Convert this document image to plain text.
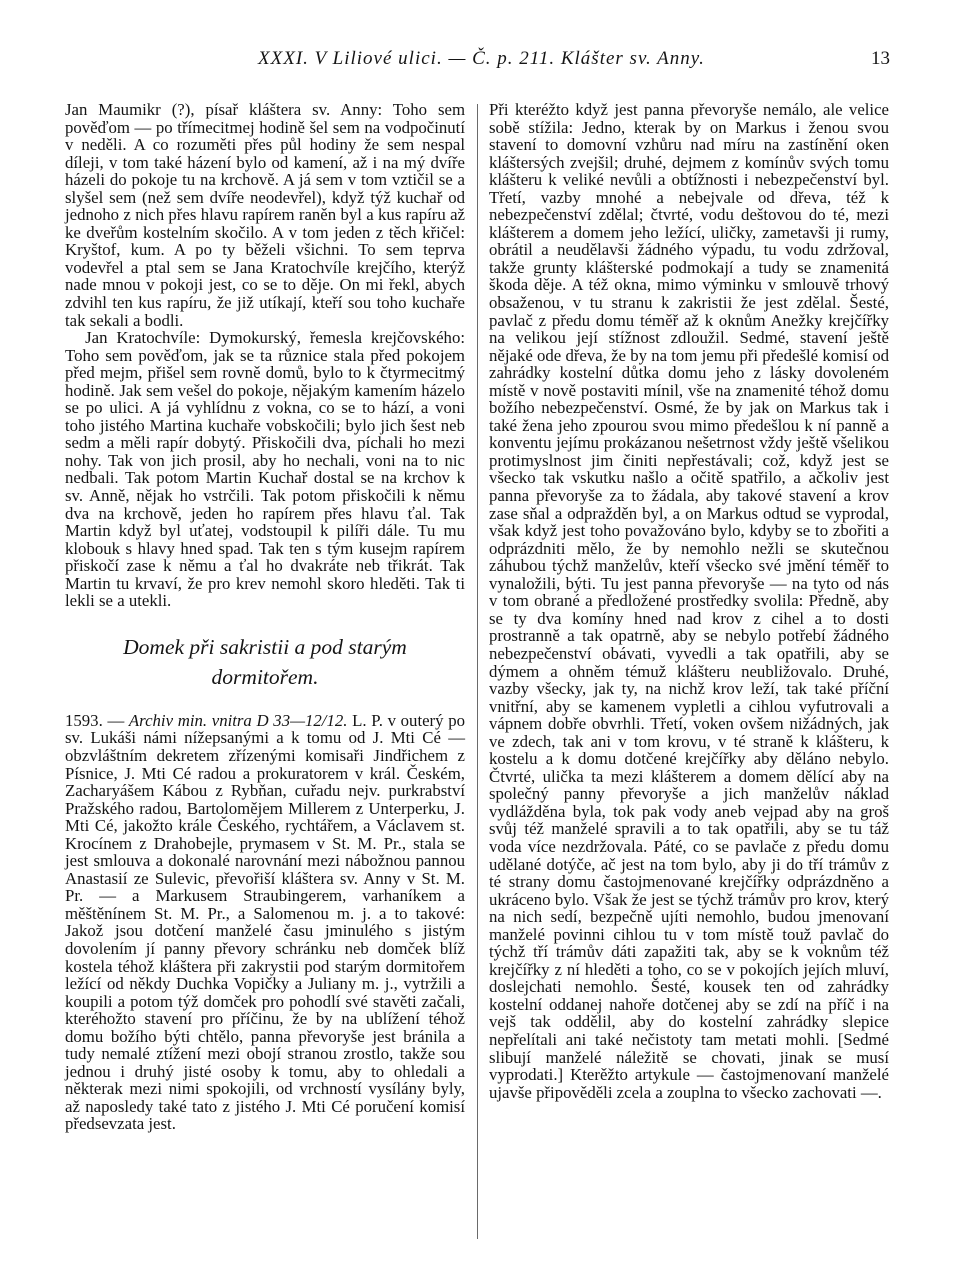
XXXI. V Liliové ulici. — Č. p. 211. Klášter sv. Anny.	13

Jan Maumikr (?), písař kláštera sv. Anny: Toho sem pověďom — po třímecitmej hodině šel sem na vodpočinutí v neděli. A co rozuměti přes půl hodiny že sem nespal díleji, v tom také házení bylo od kamení, až i na mý dvíře házeli do pokoje tu na krchově. A já sem v tom vztičil se a slyšel sem (než sem dvíře neodevřel), když týž kuchař od jednoho z nich přes hlavu rapírem raněn byl a kus rapíru až ke dveřům kostelním skočilo. A v tom jeden z těch křičel: Kryštof, kum. A po ty běželi všichni. To sem teprva vodevřel a ptal sem se Jana Kratochvíle krejčího, kterýž nade mnou v pokoji jest, co se to děje. On mi řekl, abych zdvihl ten kus rapíru, že již utíkají, kteří sou toho kuchaře tak sekali a bodli.

Jan Kratochvíle: Dymokurský, řemesla krejčovského: Toho sem pověďom, jak se ta různice stala před pokojem před mejm, přišel sem rovně domů, bylo to k čtyrmecitmý hodině. Jak sem vešel do pokoje, nějakým kamením házelo se po ulici. A já vyhlídnu z vokna, co se to hází, a voni toho jistého Martina kuchaře vobskočili; bylo jich šest neb sedm a měli rapír dobytý. Přiskočili dva, píchali ho mezi nohy. Tak von jich prosil, aby ho nechali, voni na to nic nedbali. Tak potom Martin Kuchař dostal se na krchov k sv. Anně, nějak ho vstrčili. Tak potom přiskočili k němu dva na krchově, jeden ho rapírem přes hlavu ťal. Tak Martin když byl uťatej, vodstoupil k pilíři dále. Tu mu klobouk s hlavy hned spad. Tak ten s tým kusejm rapírem přiskočí zase k němu a ťal ho dvakráte neb třikrát. Tak Martin tu krvaví, že pro krev nemohl skoro hleděti. Tak ti lekli se a utekli.

Domek při sakristii a pod starým
dormitořem.

1593. — Archiv min. vnitra D 33—12/12. L. P. v outerý po sv. Lukáši námi nížepsanými a k tomu od J. Mti Cé — obzvláštním dekretem zřízenými komisaři Jindřichem z Písnice, J. Mti Cé radou a prokuratorem v král. Českém, Zacharyášem Kábou z Rybňan, cuřadu nejv. purkrabství Pražského radou, Bartolomějem Millerem z Unterperku, J. Mti Cé, jakožto krále Českého, rychtářem, a Václavem st. Krocínem z Drahobejle, prymasem v St. M. Pr., stala se jest smlouva a dokonalé narovnání mezi nábožnou pannou Anastasií ze Sulevic, převořiší kláštera sv. Anny v St. M. Pr. — a Markusem Straubingerem, varhaníkem a měštěnínem St. M. Pr., a Salomenou m. j. a to takové: Jakož jsou dotčení manželé času jminulého s jistým dovolením jí panny převory schránku neb domček blíž kostela téhož kláštera při zakrystii pod starým dormitořem ležící od někdy Duchka Vopičky a Juliany m. j., vytržili a koupili a potom týž domček pro pohodlí své stavěti začali, kteréhožto stavení pro příčinu, že by na ublížení téhož domu božího býti chtělo, panna převoryše jest bránila a tudy nemalé ztížení mezi obojí stranou zrostlo, takže sou jednou i druhý jisté osoby k tomu, aby to ohledali a některak mezi nimi spokojili, od vrchností vysílány byly, až naposledy také tato z jistého J. Mti Cé poručení komisí předsevzata jest.

Při kteréžto když jest panna převoryše nemálo, ale velice sobě stížila: Jedno, kterak by on Markus i ženou svou stavení to domovní vzhůru nad míru na zastínění oken kláštersých zvejšil; druhé, dejmem z komínův svých tomu klášteru k veliké nevůli a obtížnosti i nebezpečenství byl. Třetí, vazby mnohé a nebejvale od dřeva, též k nebezpečenství zdělal; čtvrté, vodu deštovou do té, mezi klášterem a domem jeho ležící, uličky, zametavši ji rumy, obrátil a neudělavši žádného výpadu, tu vodu zdržoval, takže grunty klášterské podmokají a tudy se znamenitá škoda děje. A též okna, mimo výminku v smlouvě trhový obsaženou, v tu stranu k zakristii že jest zdělal. Šesté, pavlač z předu domu téměř až k oknům Anežky krejčířky na velikou její stížnost zdloužil. Sedmé, stavení ještě nějaké ode dřeva, že by na tom jemu při předešlé komisí od zahrádky kostelní důtka domu jeho z lásky dovoleném místě v nově postaviti mínil, vše na znamenité téhož domu božího nebezpečenství. Osmé, že by jak on Markus tak i také žena jeho zpourou svou mimo předešlou k ní panně a konventu jejímu prokázanou nešetrnost vždy ještě všelikou protimyslnost jim činiti nepřestávali; což, když jest se všecko tak vskutku našlo a očitě spatřilo, a ačkoliv jest panna převoryše za to žádala, aby takové stavení a krov zase sňal a odpražděn byl, a on Markus odtud se vyprodal, však když jest toho považováno bylo, kdyby se to zbořiti a odprázdniti mělo, že by nemohlo nežli se skutečnou záhubou týchž manželův, kteří všecko své jmění téměř to vynaložili, býti. Tu jest panna převoryše — na tyto od nás v tom obrané a předložené prostředky svolila: Předně, aby se ty dva komíny hned nad krov z cihel a to dosti prostranně a tak opatrně, aby se nebylo potřebí žádného nebezpečenství obávati, vyvedli a tak opatřili, aby se dýmem a ohněm témuž klášteru neubližovalo. Druhé, vazby všecky, jak ty, na nichž krov leží, tak také příční vnitřní, aby se kamenem vypletli a cihlou vyfutrovali a vápnem dobře obvrhli. Třetí, voken ovšem nižádných, jak ve zdech, tak ani v tom krovu, v té straně k klášteru, k kostelu a k domu dotčené krejčířky aby děláno nebylo. Čtvrté, ulička ta mezi klášterem a domem dělící aby na společný panny převoryše a jich manželův náklad vydlážděna byla, tok pak vody aneb vejpad aby na groš svůj též manželé spravili a to tak opatřili, aby se tu táž voda více nezdržovala. Páté, co se pavlače z předu domu udělané dotýče, ač jest na tom bylo, aby ji do tří trámův z té strany domu častojmenované krejčířky odprázdněno a ukráceno bylo. Však že jest se týchž trámův pro krov, který na nich sedí, bezpečně ujíti nemohlo, budou jmenovaní manželé povinni cihlou tu v tom místě touž pavlač do týchž tří trámův dáti zapažiti tak, aby se k voknům též krejčířky z ní hleděti a toho, co se v pokojích jejích mluví, doslejchati nemohlo. Šesté, kousek ten od zahrádky kostelní oddanej nahoře dotčenej aby se zdí na příč i na vejš tak oddělil, aby do kostelní zahrádky slepice nepřelítali ani také nečistoty tam metati mohli. [Sedmé slibují manželé náležitě se chovati, jinak se musí vyprodati.] Kterěžto artykule — častojmenovaní manželé ujavše připověděli zcela a zouplna to všecko zachovati —.
